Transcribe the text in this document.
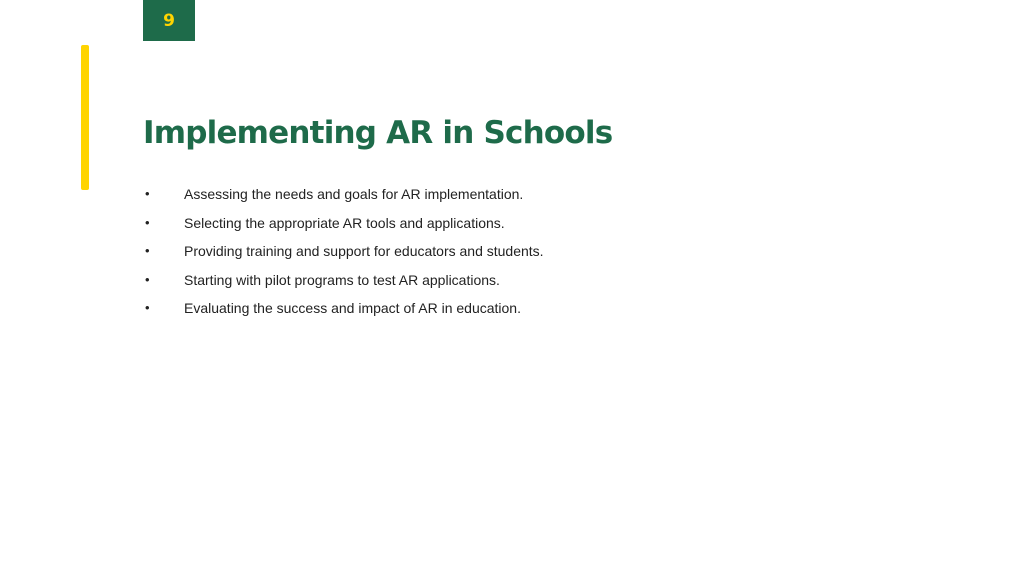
9
Implementing AR in Schools
•	Assessing the needs and goals for AR implementation.
•	Selecting the appropriate AR tools and applications.
•	Providing training and support for educators and students.
•	Starting with pilot programs to test AR applications.
•	Evaluating the success and impact of AR in education.
